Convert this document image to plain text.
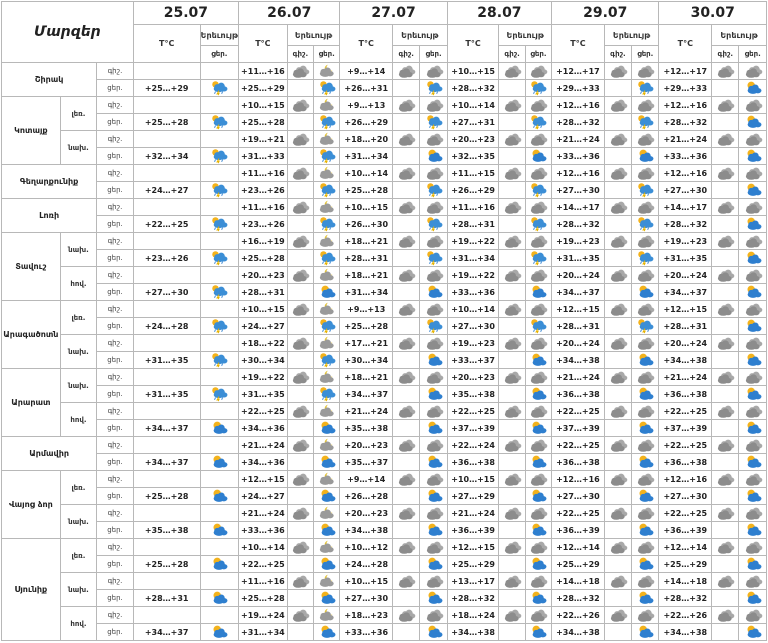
Մարզեր			25.07		26.07			27.07			28.07			29.07			30.07		
			T°C	Երեւույթ	T°C	Երեւույթ		T°C	Երեւույթ		T°C	Երեւույթ		T°C	Երեւույթ		T°C	Երեւույթ	
				ցեր.		գիշ.	ցեր.		գիշ.	ցեր.		գիշ.	ցեր.		գիշ.	ցեր.		գիշ.	ցեր.
Շիրակ		գիշ.			+11…+16			+9…+14			+10…+15			+12…+17			+12…+17	

		ցեր.	+25…+29		+25…+29			+26…+31			+28…+32			+29…+33			+29…+33		

Կոտայք	լեռ.	գիշ.			+10…+15			+9…+13			+10…+14			+12…+16			+12…+16	

		ցեր.	+25…+28		+25…+28			+26…+29			+27…+31			+28…+32			+28…+32		

	նախ.	գիշ.			+19…+21			+18…+20			+20…+23			+21…+24			+21…+24	

		ցեր.	+32…+34		+31…+33			+31…+34			+32…+35			+33…+36			+33…+36		

Գեղարքունիք		գիշ.			+11…+16			+10…+14			+11…+15			+12…+16			+12…+16	

		ցեր.	+24…+27		+23…+26			+25…+28			+26…+29			+27…+30			+27…+30		

Լոռի		գիշ.			+11…+16			+10…+15			+11…+16			+14…+17			+14…+17	

		ցեր.	+22…+25		+23…+26			+26…+30			+28…+31			+28…+32			+28…+32		

Տավուշ	նախ.	գիշ.			+16…+19			+18…+21			+19…+22			+19…+23			+19…+23	

		ցեր.	+23…+26		+25…+28			+28…+31			+31…+34			+31…+35			+31…+35		

	հով.	գիշ.			+20…+23			+18…+21			+19…+22			+20…+24			+20…+24	

		ցեր.	+27…+30		+28…+31			+31…+34			+33…+36			+34…+37			+34…+37		

Արագածոտն	լեռ.	գիշ.			+10…+15			+9…+13			+10…+14			+12…+15			+12…+15	

		ցեր.	+24…+28		+24…+27			+25…+28			+27…+30			+28…+31			+28…+31		

	նախ.	գիշ.			+18…+22			+17…+21			+19…+23			+20…+24			+20…+24	

		ցեր.	+31…+35		+30…+34			+30…+34			+33…+37			+34…+38			+34…+38		

Արարատ	նախ.	գիշ.			+19…+22			+18…+21			+20…+23			+21…+24			+21…+24	

		ցեր.	+31…+35		+31…+35			+34…+37			+35…+38			+36…+38			+36…+38		

	հով.	գիշ.			+22…+25			+21…+24			+22…+25			+22…+25			+22…+25	

		ցեր.	+34…+37		+34…+36			+35…+38			+37…+39			+37…+39			+37…+39		

Արմավիր		գիշ.			+21…+24			+20…+23			+22…+24			+22…+25			+22…+25	

		ցեր.	+34…+37		+34…+36			+35…+37			+36…+38			+36…+38			+36…+38		

Վայոց ձոր	լեռ.	գիշ.			+12…+15			+9…+14			+10…+15			+12…+16			+12…+16	

		ցեր.	+25…+28		+24…+27			+26…+28			+27…+29			+27…+30			+27…+30		

	նախ.	գիշ.			+21…+24			+20…+23			+21…+24			+22…+25			+22…+25	

		ցեր.	+35…+38		+33…+36			+34…+38			+36…+39			+36…+39			+36…+39		

Սյունիք	լեռ.	գիշ.			+10…+14			+10…+12			+12…+15			+12…+14			+12…+14	

		ցեր.	+25…+28		+22…+25			+24…+28			+25…+29			+25…+29			+25…+29		

	նախ.	գիշ.			+11…+16			+10…+15			+13…+17			+14…+18			+14…+18	

		ցեր.	+28…+31		+25…+28			+27…+30			+28…+32			+28…+32			+28…+32		

	հով.	գիշ.			+19…+24			+18…+23			+18…+24			+22…+26			+22…+26	

		ցեր.	+34…+37		+31…+34			+33…+36			+34…+38			+34…+38			+34…+38		
